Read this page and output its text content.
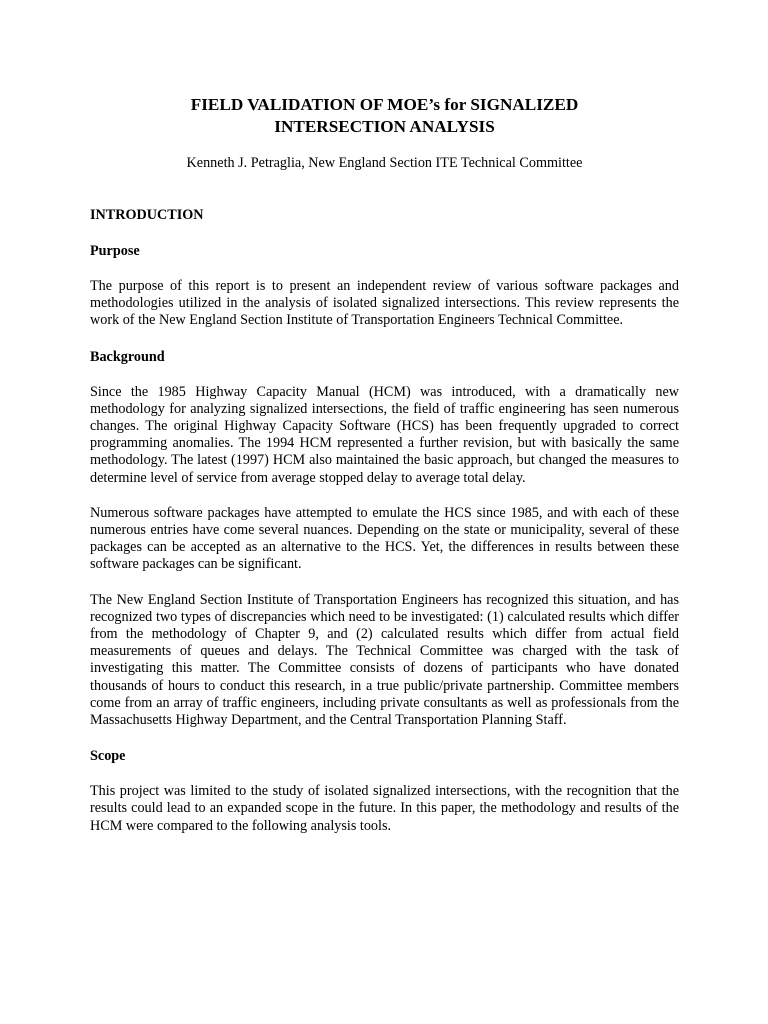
FIELD VALIDATION OF MOE’s for SIGNALIZED
INTERSECTION ANALYSIS

Kenneth J. Petraglia, New England Section ITE Technical Committee

INTRODUCTION
Purpose

The purpose of this report is to present an independent review of various software packages and methodologies utilized in the analysis of isolated signalized intersections. This review represents the work of the New England Section Institute of Transportation Engineers Technical Committee.

Background

Since the 1985 Highway Capacity Manual (HCM) was introduced, with a dramatically new methodology for analyzing signalized intersections, the field of traffic engineering has seen numerous changes. The original Highway Capacity Software (HCS) has been frequently upgraded to correct programming anomalies. The 1994 HCM represented a further revision, but with basically the same methodology. The latest (1997) HCM also maintained the basic approach, but changed the measures to determine level of service from average stopped delay to average total delay.

Numerous software packages have attempted to emulate the HCS since 1985, and with each of these numerous entries have come several nuances. Depending on the state or municipality, several of these packages can be accepted as an alternative to the HCS. Yet, the differences in results between these software packages can be significant.

The New England Section Institute of Transportation Engineers has recognized this situation, and has recognized two types of discrepancies which need to be investigated: (1) calculated results which differ from the methodology of Chapter 9, and (2) calculated results which differ from actual field measurements of queues and delays. The Technical Committee was charged with the task of investigating this matter. The Committee consists of dozens of participants who have donated thousands of hours to conduct this research, in a true public/private partnership. Committee members come from an array of traffic engineers, including private consultants as well as professionals from the Massachusetts Highway Department, and the Central Transportation Planning Staff.

Scope

This project was limited to the study of isolated signalized intersections, with the recognition that the results could lead to an expanded scope in the future. In this paper, the methodology and results of the HCM were compared to the following analysis tools.
